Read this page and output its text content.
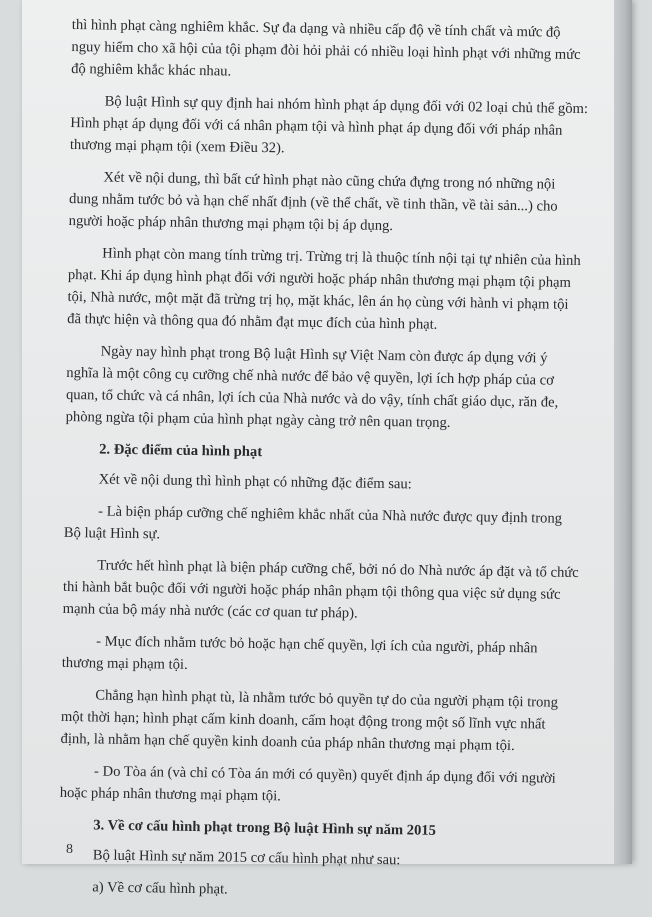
thì hình phạt càng nghiêm khắc. Sự đa dạng và nhiều cấp độ về tính chất và mức độ
nguy hiểm cho xã hội của tội phạm đòi hỏi phải có nhiều loại hình phạt với những mức
độ nghiêm khắc khác nhau.
Bộ luật Hình sự quy định hai nhóm hình phạt áp dụng đối với 02 loại chủ thể gồm:
Hình phạt áp dụng đối với cá nhân phạm tội và hình phạt áp dụng đối với pháp nhân
thương mại phạm tội (xem Điều 32).
Xét về nội dung, thì bất cứ hình phạt nào cũng chứa đựng trong nó những nội
dung nhằm tước bỏ và hạn chế nhất định (về thể chất, về tinh thần, về tài sản...) cho
người hoặc pháp nhân thương mại phạm tội bị áp dụng.
Hình phạt còn mang tính trừng trị. Trừng trị là thuộc tính nội tại tự nhiên của hình
phạt. Khi áp dụng hình phạt đối với người hoặc pháp nhân thương mại phạm tội phạm
tội, Nhà nước, một mặt đã trừng trị họ, mặt khác, lên án họ cùng với hành vi phạm tội
đã thực hiện và thông qua đó nhằm đạt mục đích của hình phạt.
Ngày nay hình phạt trong Bộ luật Hình sự Việt Nam còn được áp dụng với ý
nghĩa là một công cụ cưỡng chế nhà nước để bảo vệ quyền, lợi ích hợp pháp của cơ
quan, tổ chức và cá nhân, lợi ích của Nhà nước và do vậy, tính chất giáo dục, răn đe,
phòng ngừa tội phạm của hình phạt ngày càng trở nên quan trọng.
2. Đặc điểm của hình phạt
Xét về nội dung thì hình phạt có những đặc điểm sau:
- Là biện pháp cưỡng chế nghiêm khắc nhất của Nhà nước được quy định trong
Bộ luật Hình sự.
Trước hết hình phạt là biện pháp cưỡng chế, bởi nó do Nhà nước áp đặt và tổ chức
thi hành bắt buộc đối với người hoặc pháp nhân phạm tội thông qua việc sử dụng sức
mạnh của bộ máy nhà nước (các cơ quan tư pháp).
- Mục đích nhằm tước bỏ hoặc hạn chế quyền, lợi ích của người, pháp nhân
thương mại phạm tội.
Chẳng hạn hình phạt tù, là nhằm tước bỏ quyền tự do của người phạm tội trong
một thời hạn; hình phạt cấm kinh doanh, cấm hoạt động trong một số lĩnh vực nhất
định, là nhằm hạn chế quyền kinh doanh của pháp nhân thương mại phạm tội.
- Do Tòa án (và chỉ có Tòa án mới có quyền) quyết định áp dụng đối với người
hoặc pháp nhân thương mại phạm tội.
3. Về cơ cấu hình phạt trong Bộ luật Hình sự năm 2015
Bộ luật Hình sự năm 2015 cơ cấu hình phạt như sau:
a) Về cơ cấu hình phạt.
8
